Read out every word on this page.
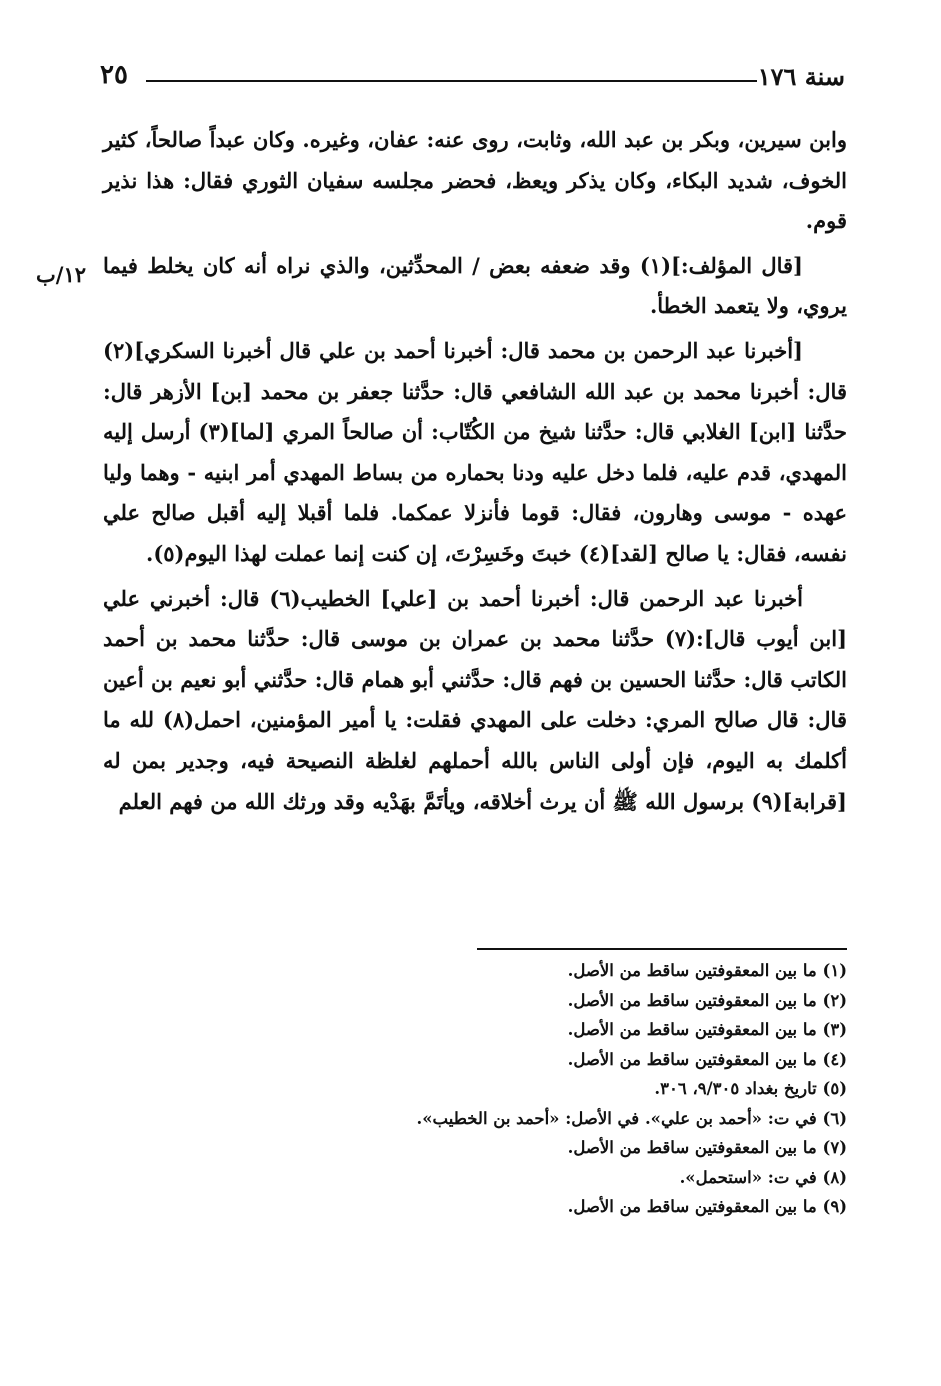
سنة ١٧٦
٢٥
١٢/ب

وابن سيرين، وبكر بن عبد الله، وثابت، روى عنه: عفان، وغيره. وكان عبداً صالحاً، كثير الخوف، شديد البكاء، وكان يذكر ويعظ، فحضر مجلسه سفيان الثوري فقال: هذا نذير قوم.

[قال المؤلف:](١) وقد ضعفه بعض / المحدِّثين، والذي نراه أنه كان يخلط فيما يروي، ولا يتعمد الخطأ.

[أخبرنا عبد الرحمن بن محمد قال: أخبرنا أحمد بن علي قال أخبرنا السكري](٢) قال: أخبرنا محمد بن عبد الله الشافعي قال: حدَّثنا جعفر بن محمد [بن] الأزهر قال: حدَّثنا [ابن] الغلابي قال: حدَّثنا شيخ من الكُتّاب: أن صالحاً المري [لما](٣) أرسل إليه المهدي، قدم عليه، فلما دخل عليه ودنا بحماره من بساط المهدي أمر ابنيه - وهما وليا عهده - موسى وهارون، فقال: قوما فأنزلا عمكما. فلما أقبلا إليه أقبل صالح علي نفسه، فقال: يا صالح [لقد](٤) خبتَ وخَسِرْتَ، إن كنت إنما عملت لهذا اليوم(٥).

أخبرنا عبد الرحمن قال: أخبرنا أحمد بن [علي] الخطيب(٦) قال: أخبرني علي [ابن أيوب قال]:(٧) حدَّثنا محمد بن عمران بن موسى قال: حدَّثنا محمد بن أحمد الكاتب قال: حدَّثنا الحسين بن فهم قال: حدَّثني أبو همام قال: حدَّثني أبو نعيم بن أعين قال: قال صالح المري: دخلت على المهدي فقلت: يا أمير المؤمنين، احمل(٨) لله ما أكلمك به اليوم، فإن أولى الناس بالله أحملهم لغلظة النصيحة فيه، وجدير بمن له [قرابة](٩) برسول الله ﷺ أن يرث أخلاقه، ويأتَمَّ بهَدْيه وقد ورثك الله من فهم العلم

(١) ما بين المعقوفتين ساقط من الأصل.
(٢) ما بين المعقوفتين ساقط من الأصل.
(٣) ما بين المعقوفتين ساقط من الأصل.
(٤) ما بين المعقوفتين ساقط من الأصل.
(٥) تاريخ بغداد ٩/٣٠٥، ٣٠٦.
(٦) في ت: «أحمد بن علي». في الأصل: «أحمد بن الخطيب».
(٧) ما بين المعقوفتين ساقط من الأصل.
(٨) في ت: «استحمل».
(٩) ما بين المعقوفتين ساقط من الأصل.
